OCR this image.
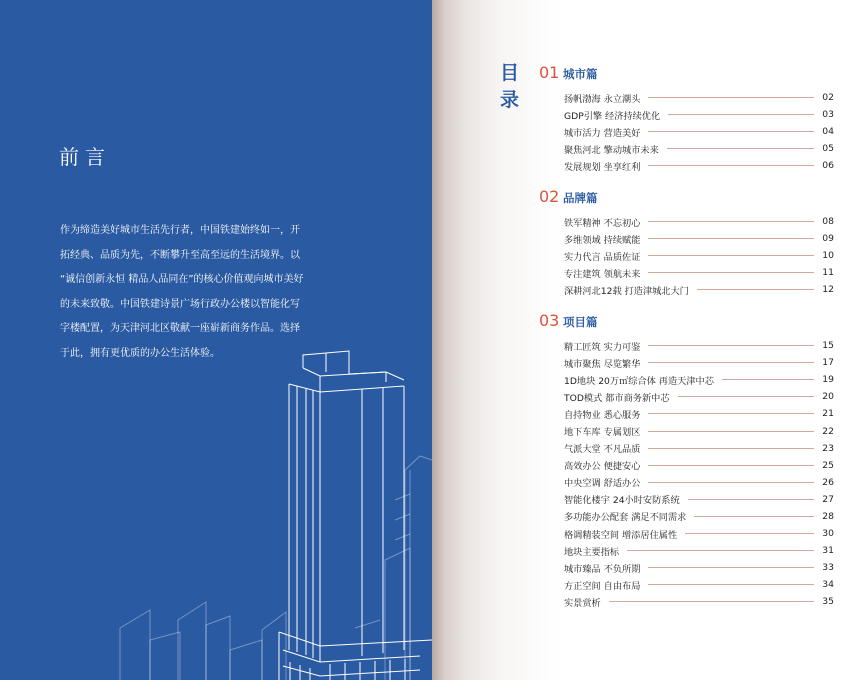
前言

作为缔造美好城市生活先行者，中国铁建始终如一，开

拓经典、品质为先，不断攀升至高至远的生活境界。以

“诚信创新永恒 精品人品同在”的核心价值观向城市美好

的未来致敬。中国铁建诗景广场行政办公楼以智能化写

字楼配置，为天津河北区敬献一座崭新商务作品。选择

于此，拥有更优质的办公生活体验。

目
录
01 城市篇
扬帆渤海 永立潮头	02
GDP引擎 经济持续优化	03
城市活力 营造美好	04
聚焦河北 擎动城市未来	05
发展规划 坐享红利	06
02 品牌篇
铁军精神 不忘初心	08
多维领域 持续赋能	09
实力代言 品质佐证	10
专注建筑 领航未来	11
深耕河北12载 打造津城北大门	12
03 项目篇
精工匠筑 实力可鉴	15
城市聚焦 尽览繁华	17
1D地块 20万㎡综合体 再造天津中芯	19
TOD模式 都市商务新中芯	20
自持物业 悉心服务	21
地下车库 专属划区	22
气派大堂 不凡品质	23
高效办公 便捷安心	25
中央空调 舒适办公	26
智能化楼宇 24小时安防系统	27
多功能办公配套 满足不同需求	28
格调精装空间 增添居住属性	30
地块主要指标	31
城市臻品 不负所期	33
方正空间 自由布局	34
实景赏析	35
